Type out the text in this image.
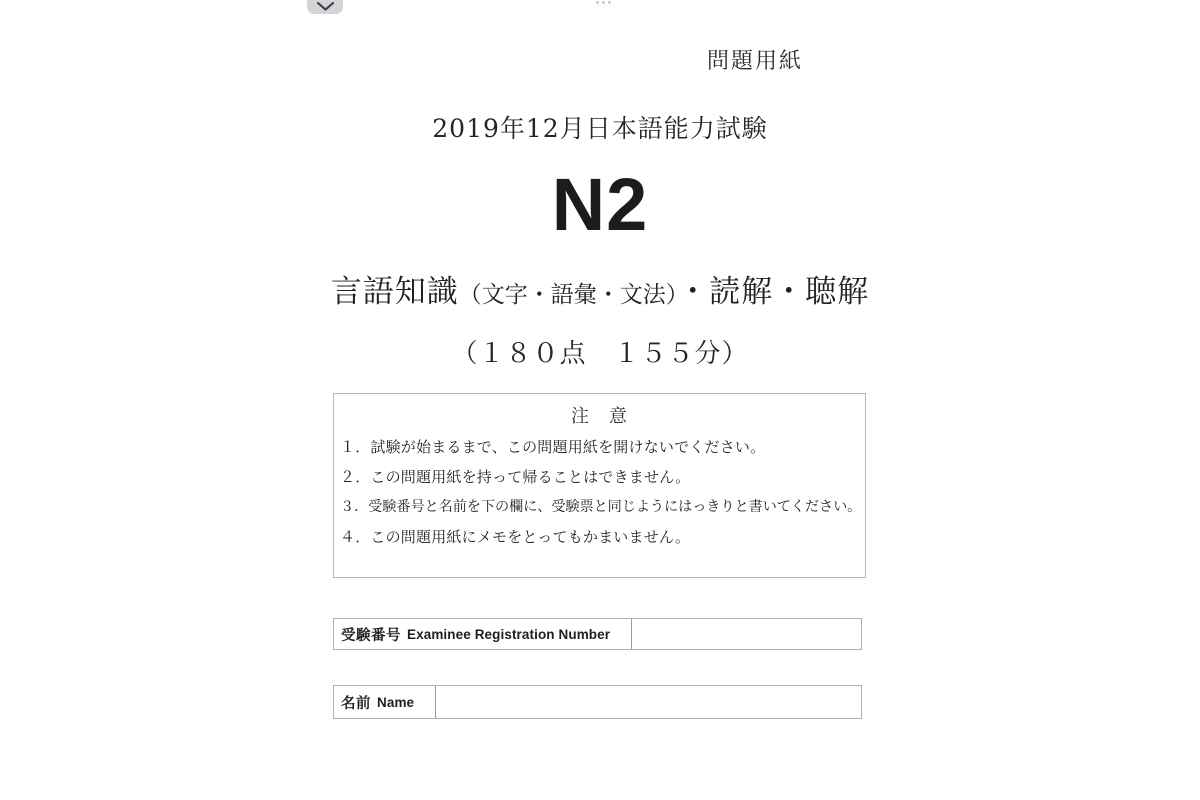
問題用紙
2019年12月日本語能力試験
N2
言語知識（文字・語彙・文法）・読解・聴解
（１８０点　１５５分）
注　意
１．試験が始まるまで、この問題用紙を開けないでください。
２．この問題用紙を持って帰ることはできません。
３．受験番号と名前を下の欄に、受験票と同じようにはっきりと書いてください。
４．この問題用紙にメモをとってもかまいません。
受験番号 Examinee Registration Number
名前 Name
